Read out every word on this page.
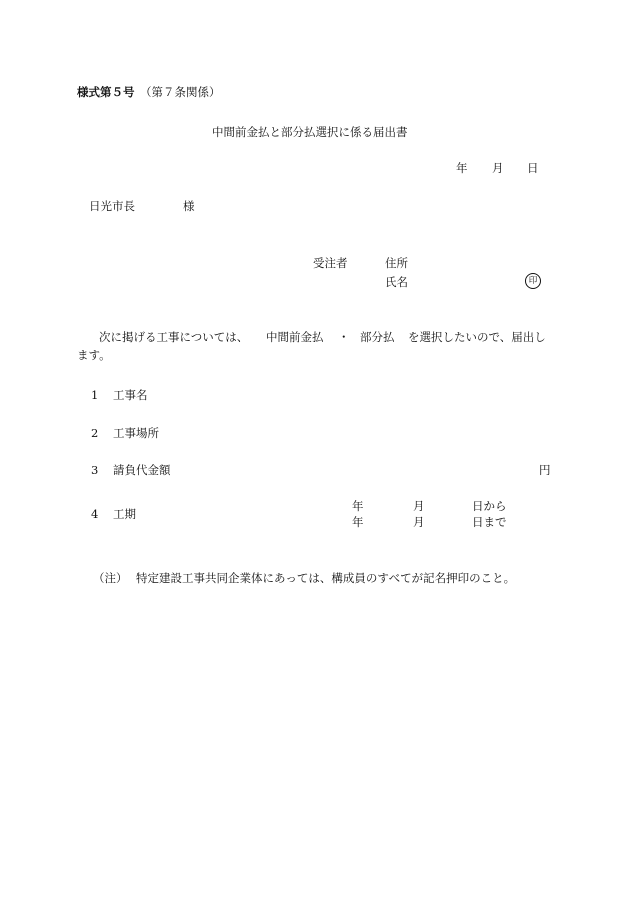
様式第５号 （第７条関係）
中間前金払と部分払選択に係る届出書
年 月 日
日光市長	様
受注者	住所
氏名	印
次に掲げる工事については、 中間前金払 ・ 部分払 を選択したいので、届出し
ます。
1 工事名
2 工事場所
3 請負代金額	円
4 工期
年	月	日から
年	月	日まで
（注） 特定建設工事共同企業体にあっては、構成員のすべてが記名押印のこと。
